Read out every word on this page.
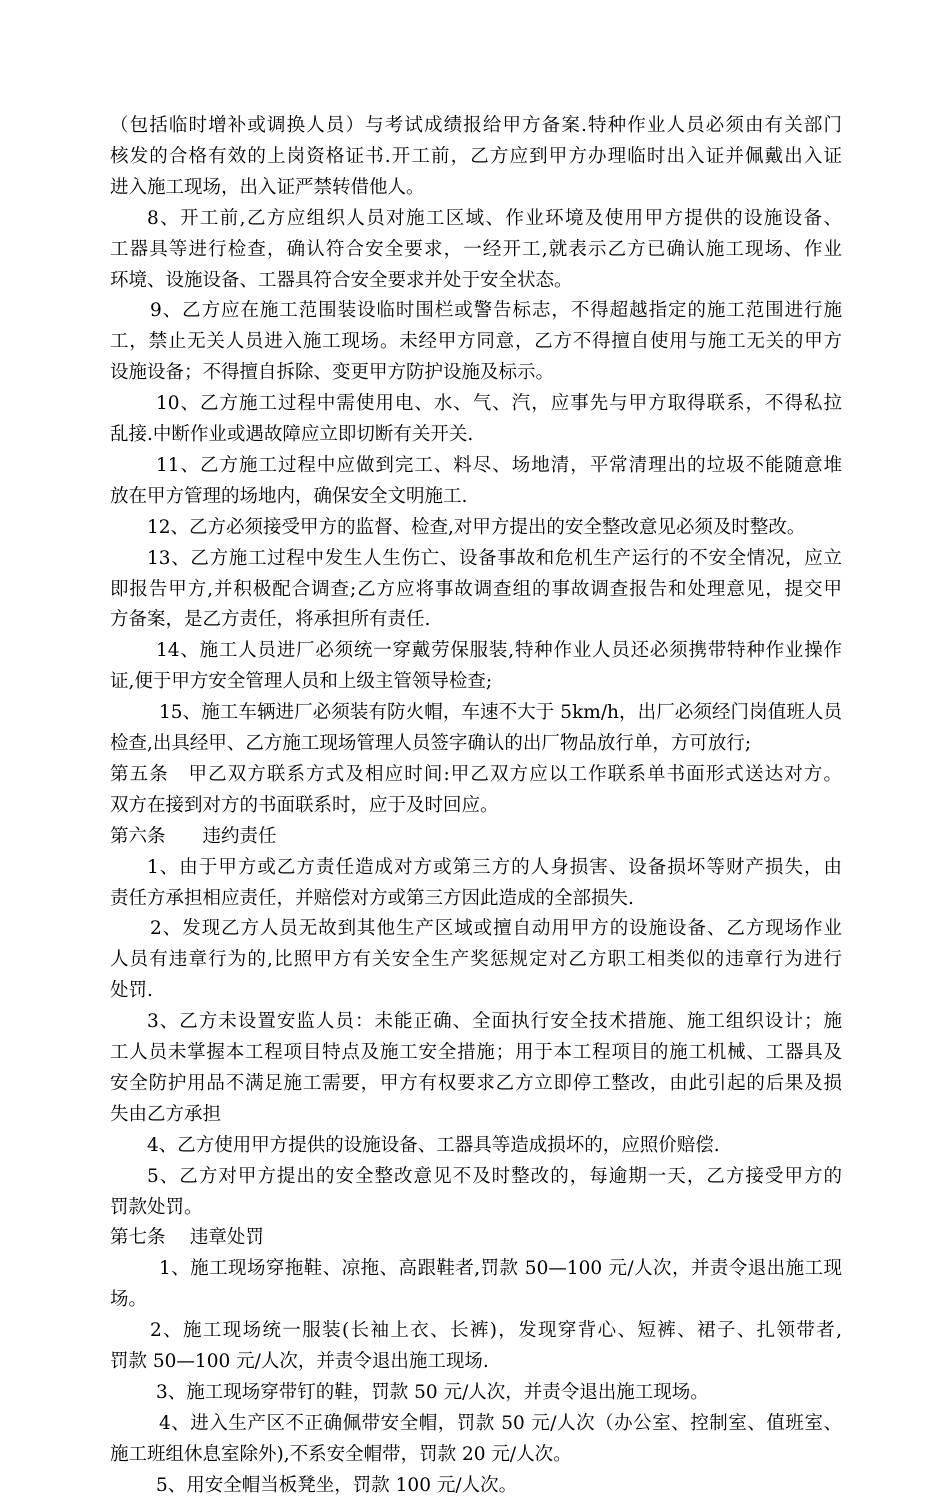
（包括临时增补或调换人员）与考试成绩报给甲方备案.特种作业人员必须由有关部门
核发的合格有效的上岗资格证书.开工前，乙方应到甲方办理临时出入证并佩戴出入证
进入施工现场，出入证严禁转借他人。
8、开工前,乙方应组织人员对施工区域、作业环境及使用甲方提供的设施设备、
工器具等进行检查，确认符合安全要求，一经开工,就表示乙方已确认施工现场、作业
环境、设施设备、工器具符合安全要求并处于安全状态。
9、乙方应在施工范围装设临时围栏或警告标志，不得超越指定的施工范围进行施
工，禁止无关人员进入施工现场。未经甲方同意，乙方不得擅自使用与施工无关的甲方
设施设备；不得擅自拆除、变更甲方防护设施及标示。
10、乙方施工过程中需使用电、水、气、汽，应事先与甲方取得联系，不得私拉
乱接.中断作业或遇故障应立即切断有关开关.
11、乙方施工过程中应做到完工、料尽、场地清，平常清理出的垃圾不能随意堆
放在甲方管理的场地内，确保安全文明施工.
12、乙方必须接受甲方的监督、检查,对甲方提出的安全整改意见必须及时整改。
13、乙方施工过程中发生人生伤亡、设备事故和危机生产运行的不安全情况，应立
即报告甲方,并积极配合调查;乙方应将事故调查组的事故调查报告和处理意见，提交甲
方备案，是乙方责任，将承担所有责任.
14、施工人员进厂必须统一穿戴劳保服装,特种作业人员还必须携带特种作业操作
证,便于甲方安全管理人员和上级主管领导检查;
15、施工车辆进厂必须装有防火帽，车速不大于 5km/h，出厂必须经门岗值班人员
检查,出具经甲、乙方施工现场管理人员签字确认的出厂物品放行单，方可放行;
第五条　甲乙双方联系方式及相应时间:甲乙双方应以工作联系单书面形式送达对方。
双方在接到对方的书面联系时，应于及时回应。
第六条　　违约责任
1、由于甲方或乙方责任造成对方或第三方的人身损害、设备损坏等财产损失，由
责任方承担相应责任，并赔偿对方或第三方因此造成的全部损失.
2、发现乙方人员无故到其他生产区域或擅自动用甲方的设施设备、乙方现场作业
人员有违章行为的,比照甲方有关安全生产奖惩规定对乙方职工相类似的违章行为进行
处罚.
3、乙方未设置安监人员：未能正确、全面执行安全技术措施、施工组织设计；施
工人员未掌握本工程项目特点及施工安全措施；用于本工程项目的施工机械、工器具及
安全防护用品不满足施工需要，甲方有权要求乙方立即停工整改，由此引起的后果及损
失由乙方承担
4、乙方使用甲方提供的设施设备、工器具等造成损坏的，应照价赔偿.
5、乙方对甲方提出的安全整改意见不及时整改的，每逾期一天，乙方接受甲方的
罚款处罚。
第七条　 违章处罚
1、施工现场穿拖鞋、凉拖、高跟鞋者,罚款 50—100 元/人次，并责令退出施工现
场。
2、施工现场统一服装(长袖上衣、长裤)，发现穿背心、短裤、裙子、扎领带者,
罚款 50—100 元/人次，并责令退出施工现场.
3、施工现场穿带钉的鞋，罚款 50 元/人次，并责令退出施工现场。
4、进入生产区不正确佩带安全帽，罚款 50 元/人次（办公室、控制室、值班室、
施工班组休息室除外),不系安全帽带，罚款 20 元/人次。
5、用安全帽当板凳坐，罚款 100 元/人次。
